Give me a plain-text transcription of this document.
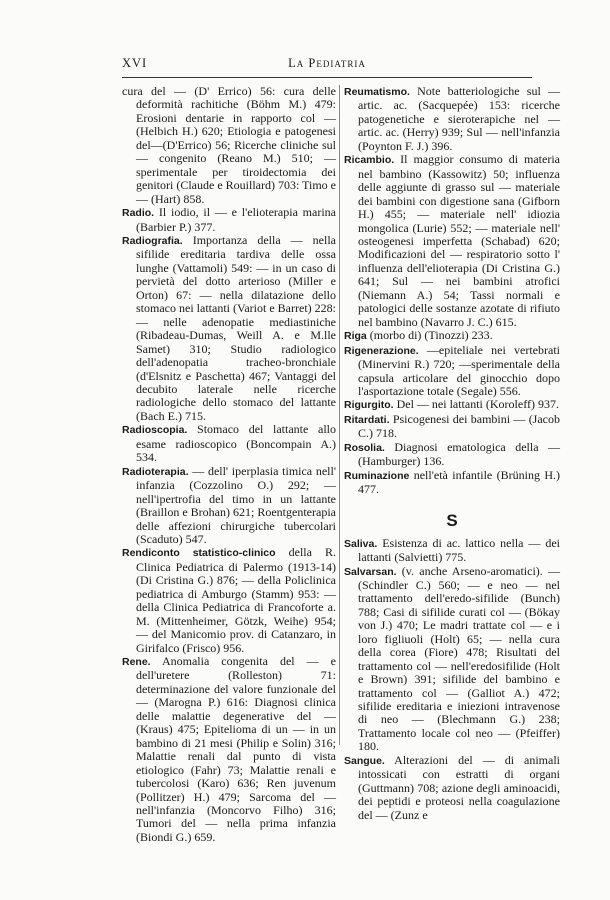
XVI	La Pediatria

cura del — (D' Errico) 56: cura delle deformità rachitiche (Böhm M.) 479: Erosioni dentarie in rapporto col — (Helbich H.) 620; Etiologia e patogenesi del—(D'Errico) 56; Ricerche cliniche sul — congenito (Reano M.) 510; — sperimentale per tiroidectomia dei genitori (Claude e Rouillard) 703: Timo e — (Hart) 858.

Radio. Il iodio, il — e l'elioterapia marina (Barbier P.) 377.

Radiografia. Importanza della — nella sifilide ereditaria tardiva delle ossa lunghe (Vattamoli) 549: — in un caso di pervietà del dotto arterioso (Miller e Orton) 67: — nella dilatazione dello stomaco nei lattanti (Variot e Barret) 228: — nelle adenopatie mediastiniche (Ribadeau-Dumas, Weill A. e M.lle Samet) 310; Studio radiologico dell'adenopatia tracheo-bronchiale (d'Elsnitz e Paschetta) 467; Vantaggi del decubito laterale nelle ricerche radiologiche dello stomaco del lattante (Bach E.) 715.

Radioscopia. Stomaco del lattante allo esame radioscopico (Boncompain A.) 534.

Radioterapia. — dell' iperplasia timica nell' infanzia (Cozzolino O.) 292; —nell'ipertrofia del timo in un lattante (Braillon e Brohan) 621; Roentgenterapia delle affezioni chirurgiche tubercolari (Scaduto) 547.

Rendiconto statistico-clinico della R. Clinica Pediatrica di Palermo (1913-14) (Di Cristina G.) 876; — della Policlinica pediatrica di Amburgo (Stamm) 953: — della Clinica Pediatrica di Francoforte a. M. (Mittenheimer, Götzk, Weihe) 954; — del Manicomio prov. di Catanzaro, in Girifalco (Frisco) 956.

Rene. Anomalia congenita del — e dell'uretere (Rolleston) 71: determinazione del valore funzionale del — (Marogna P.) 616: Diagnosi clinica delle malattie degenerative del — (Kraus) 475; Epitelioma di un — in un bambino di 21 mesi (Philip e Solin) 316; Malattie renali dal punto di vista etiologico (Fahr) 73; Malattie renali e tubercolosi (Karo) 636; Ren juvenum (Pollitzer) H.) 479; Sarcoma del — nell'infanzia (Moncorvo Filho) 316; Tumori del — nella prima infanzia (Biondi G.) 659.

Reumatismo. Note batteriologiche sul — artic. ac. (Sacquepée) 153: ricerche patogenetiche e sieroterapiche nel — artic. ac. (Herry) 939; Sul — nell'infanzia (Poynton F. J.) 396.

Ricambio. Il maggior consumo di materia nel bambino (Kassowitz) 50; influenza delle aggiunte di grasso sul — materiale dei bambini con digestione sana (Gifborn H.) 455; — materiale nell' idiozia mongolica (Lurie) 552; — materiale nell' osteogenesi imperfetta (Schabad) 620; Modificazioni del — respiratorio sotto l' influenza dell'elioterapia (Di Cristina G.) 641; Sul — nei bambini atrofici (Niemann A.) 54; Tassi normali e patologici delle sostanze azotate di rifiuto nel bambino (Navarro J. C.) 615.

Riga (morbo di) (Tinozzi) 233.

Rigenerazione. —epiteliale nei vertebrati (Minervini R.) 720; —sperimentale della capsula articolare del ginocchio dopo l'asportazione totale (Segale) 556.

Rigurgito. Del — nei lattanti (Koroleff) 937.

Ritardati. Psicogenesi dei bambini — (Jacob C.) 718.

Rosolia. Diagnosi ematologica della — (Hamburger) 136.

Ruminazione nell'età infantile (Brüning H.) 477.

S

Saliva. Esistenza di ac. lattico nella — dei lattanti (Salvietti) 775.

Salvarsan. (v. anche Arseno-aromatici). —(Schindler C.) 560; — e neo — nel trattamento dell'eredo-sifilide (Bunch) 788; Casi di sifilide curati col — (Bökay von J.) 470; Le madri trattate col — e i loro figliuoli (Holt) 65; — nella cura della corea (Fiore) 478; Risultati del trattamento col — nell'eredosifilide (Holt e Brown) 391; sifilide del bambino e trattamento col — (Galliot A.) 472; sifilide ereditaria e iniezioni intravenose di neo — (Blechmann G.) 238; Trattamento locale col neo — (Pfeiffer) 180.

Sangue. Alterazioni del — di animali intossicati con estratti di organi (Guttmann) 708; azione degli aminoacidi, dei peptidi e proteosi nella coagulazione del — (Zunz e
